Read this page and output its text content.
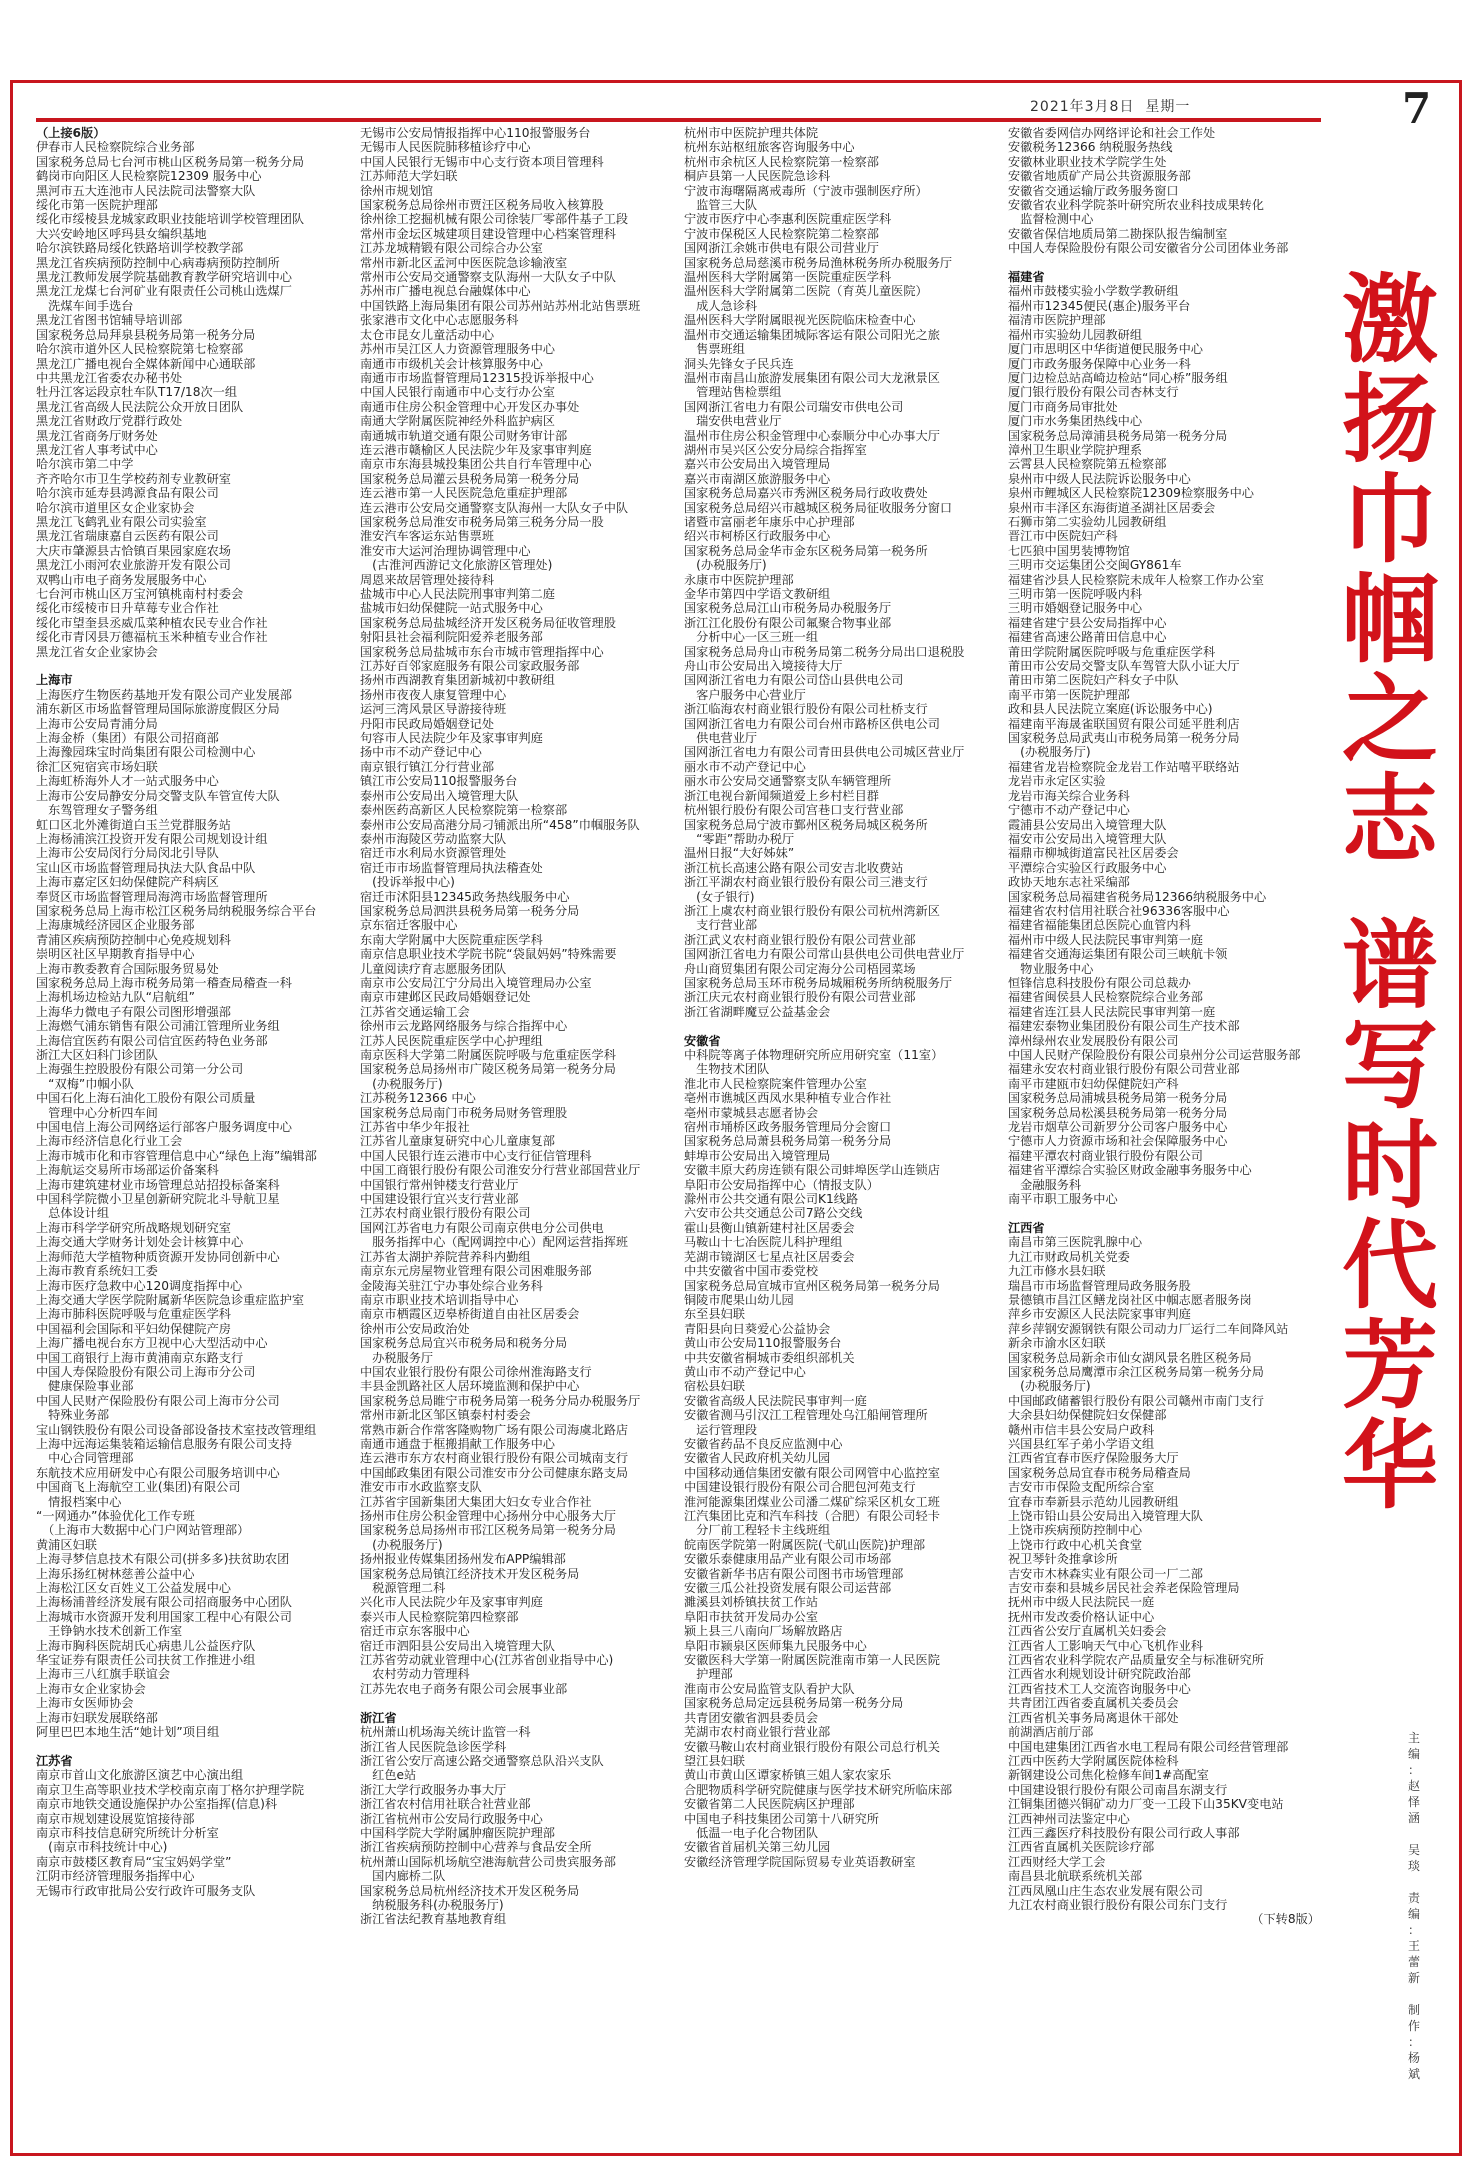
2021年3月8日 星期一	7
（上接6版）
伊春市人民检察院综合业务部
国家税务总局七台河市桃山区税务局第一税务分局
鹤岗市向阳区人民检察院12309 服务中心
黑河市五大连池市人民法院司法警察大队
绥化市第一医院护理部
绥化市绥棱县龙城家政职业技能培训学校管理团队
大兴安岭地区呼玛县女编织基地
哈尔滨铁路局绥化铁路培训学校教学部
黑龙江省疾病预防控制中心病毒病预防控制所
黑龙江教师发展学院基础教育教学研究培训中心
黑龙江龙煤七台河矿业有限责任公司桃山选煤厂
　洗煤车间手选台
黑龙江省图书馆辅导培训部
国家税务总局拜泉县税务局第一税务分局
哈尔滨市道外区人民检察院第七检察部
黑龙江广播电视台全媒体新闻中心通联部
中共黑龙江省委农办秘书处
牡丹江客运段京牡车队T17/18次一组
黑龙江省高级人民法院公众开放日团队
黑龙江省财政厅党群行政处
黑龙江省商务厅财务处
黑龙江省人事考试中心
哈尔滨市第二中学
齐齐哈尔市卫生学校药剂专业教研室
哈尔滨市延寿县鸿源食品有限公司
哈尔滨市道里区女企业家协会
黑龙江飞鹤乳业有限公司实验室
黑龙江省瑞康嘉自云医药有限公司
大庆市肇源县古恰镇百果园家庭农场
黑龙江小雨河农业旅游开发有限公司
双鸭山市电子商务发展服务中心
七台河市桃山区万宝河镇桃南村村委会
绥化市绥棱市日升草莓专业合作社
绥化市望奎县丞威瓜菜种植农民专业合作社
绥化市青冈县万德福杭玉米种植专业合作社
黑龙江省女企业家协会
上海市
上海医疗生物医药基地开发有限公司产业发展部
浦东新区市场监督管理局国际旅游度假区分局
上海市公安局青浦分局
上海金桥（集团）有限公司招商部
上海豫园珠宝时尚集团有限公司检测中心
徐汇区宛宿宾市场妇联
上海虹桥海外人才一站式服务中心
上海市公安局静安分局交警支队车管宣传大队
　东驾管理女子警务组
虹口区北外滩街道白玉兰党群服务站
上海杨浦滨江投资开发有限公司规划设计组
上海市公安局闵行分局闵北引导队
宝山区市场监督管理局执法大队食品中队
上海市嘉定区妇幼保健院产科病区
奉贤区市场监督管理局海湾市场监督管理所
国家税务总局上海市松江区税务局纳税服务综合平台
上海康城经济园区企业服务部
青浦区疾病预防控制中心免疫规划科
崇明区社区早期教育指导中心
上海市教委教育合国际服务贸易处
国家税务总局上海市税务局第一稽查局稽查一科
上海机场边检站九队“启航组”
上海华力微电子有限公司图形增强部
上海燃气浦东销售有限公司浦江管理所业务组
上海信宜医药有限公司信宜医药特色业务部
浙江大区妇科门诊团队
上海强生控股股份有限公司第一分公司
　“双梅”巾帼小队
中国石化上海石油化工股份有限公司质量
　管理中心分析四车间
中国电信上海公司网络运行部客户服务调度中心
上海市经济信息化行业工会
上海市城市化和市容管理信息中心“绿色上海”编辑部
上海航运交易所市场部运价备案科
上海市建筑建材业市场管理总站招投标备案科
中国科学院微小卫星创新研究院北斗导航卫星
　总体设计组
上海市科学学研究所战略规划研究室
上海交通大学财务计划处会计核算中心
上海师范大学植物种质资源开发协同创新中心
上海市教育系统妇工委
上海市医疗急救中心120调度指挥中心
上海交通大学医学院附属新华医院急诊重症监护室
上海市肺科医院呼吸与危重症医学科
中国福利会国际和平妇幼保健院产房
上海广播电视台东方卫视中心大型活动中心
中国工商银行上海市黄浦南京东路支行
中国人寿保险股份有限公司上海市分公司
　健康保险事业部
中国人民财产保险股份有限公司上海市分公司
　特殊业务部
宝山钢铁股份有限公司设备部设备技术室技改管理组
上海中远海运集装箱运输信息服务有限公司支持
　中心合同管理部
东航技术应用研发中心有限公司服务培训中心
中国商飞上海航空工业(集团)有限公司
　情报档案中心
“一网通办”体验优化工作专班
　（上海市大数据中心门户网站管理部）
黄浦区妇联
上海寻梦信息技术有限公司(拼多多)扶贫助农团
上海乐扬红树林慈善公益中心
上海松江区女百姓义工公益发展中心
上海杨浦普经济发展有限公司招商服务中心团队
上海城市水资源开发利用国家工程中心有限公司
　王铮钠水技术创新工作室
上海市胸科医院胡氏心病患儿公益医疗队
华宝证券有限责任公司扶贫工作推进小组
上海市三八红旗手联谊会
上海市女企业家协会
上海市女医师协会
上海市妇联发展联络部
阿里巴巴本地生活“她计划”项目组
江苏省
南京市首山文化旅游区演艺中心演出组
南京卫生高等职业技术学校南京南丁格尔护理学院
南京市地铁交通设施保护办公室指挥(信息)科
南京市规划建设展览馆接待部
南京市科技信息研究所统计分析室
　(南京市科技统计中心)
南京市鼓楼区教育局“宝宝妈妈学堂”
江阴市经济管理服务指挥中心
无锡市行政审批局公安行政许可服务支队
无锡市公安局情报指挥中心110报警服务台
无锡市人民医院肺移植诊疗中心
中国人民银行无锡市中心支行资本项目管理科
江苏师范大学妇联
徐州市规划馆
国家税务总局徐州市贾汪区税务局收入核算股
徐州徐工挖掘机械有限公司徐装厂零部件基子工段
常州市金坛区城建项目建设管理中心档案管理科
江苏龙城精锻有限公司综合办公室
常州市新北区孟河中医医院急诊输液室
常州市公安局交通警察支队海州一大队女子中队
苏州市广播电视总台融媒体中心
中国铁路上海局集团有限公司苏州站苏州北站售票班
张家港市文化中心志愿服务科
太仓市昆女儿童活动中心
苏州市吴江区人力资源管理服务中心
南通市市级机关会计核算服务中心
南通市市场监督管理局12315投诉举报中心
中国人民银行南通市中心支行办公室
南通市住房公积金管理中心开发区办事处
南通大学附属医院神经外科监护病区
南通城市轨道交通有限公司财务审计部
连云港市赣榆区人民法院少年及家事审判庭
南京市东海县城投集团公共自行车管理中心
国家税务总局灌云县税务局第一税务分局
连云港市第一人民医院急危重症护理部
连云港市公安局交通警察支队海州一大队女子中队
国家税务总局淮安市税务局第三税务分局一股
淮安汽车客运东站售票班
淮安市大运河治理协调管理中心
　(古淮河西游记文化旅游区管理处)
周恩来故居管理处接待科
盐城市中心人民法院刑事审判第二庭
盐城市妇幼保健院一站式服务中心
国家税务总局盐城经济开发区税务局征收管理股
射阳县社会福利院阳爱养老服务部
国家税务总局盐城市东台市城市管理指挥中心
江苏好百邻家庭服务有限公司家政服务部
扬州市西湖教育集团新城初中教研组
扬州市夜夜人康复管理中心
运河三湾风景区导游接待班
丹阳市民政局婚姻登记处
句容市人民法院少年及家事审判庭
扬中市不动产登记中心
南京银行镇江分行营业部
镇江市公安局110报警服务台
泰州市公安局出入境管理大队
泰州医药高新区人民检察院第一检察部
泰州市公安局高港分局刁铺派出所“458”巾帼服务队
泰州市海陵区劳动监察大队
宿迁市水利局水资源管理处
宿迁市市场监督管理局执法稽查处
　(投诉举报中心)
宿迁市沭阳县12345政务热线服务中心
国家税务总局泗洪县税务局第一税务分局
京东宿迁客服中心
东南大学附属中大医院重症医学科
南京信息职业技术学院书院“袋鼠妈妈”特殊需要
儿童阅读疗育志愿服务团队
南京市公安局江宁分局出入境管理局办公室
南京市建邺区民政局婚姻登记处
江苏省交通运输工会
徐州市云龙路网络服务与综合指挥中心
江苏人民医院重症医学中心护理组
南京医科大学第二附属医院呼吸与危重症医学科
国家税务总局扬州市广陵区税务局第一税务分局
　(办税服务厅)
江苏税务12366 中心
国家税务总局南门市税务局财务管理股
江苏省中华少年报社
江苏省儿童康复研究中心儿童康复部
中国人民银行连云港市中心支行征信管理科
中国工商银行股份有限公司淮安分行营业部国营业厅
中国银行常州钟楼支行营业厅
中国建设银行宜兴支行营业部
江苏农村商业银行股份有限公司
国网江苏省电力有限公司南京供电分公司供电
　服务指挥中心（配网调控中心）配网运营指挥班
江苏省太湖护养院营养科内勤组
南京东元房屋物业管理有限公司困难服务部
金陵海关驻江宁办事处综合业务科
南京市职业技术培训指导中心
南京市栖霞区迈皋桥街道自由社区居委会
徐州市公安局政治处
国家税务总局宜兴市税务局和税务分局
　办税服务厅
中国农业银行股份有限公司徐州淮海路支行
丰县金凯路社区人居环境监测和保护中心
国家税务总局睢宁市税务局第一税务分局办税服务厅
常州市新北区邹区镇泰村村委会
常熟市新合作常客隆购物广场有限公司海虞北路店
南通市通盘于框搬捐献工作服务中心
连云港市东方农村商业银行股份有限公司城南支行
中国邮政集团有限公司淮安市分公司健康东路支局
淮安市市水政监察支队
江苏省宇国新集团大集团大妇女专业合作社
扬州市住房公积金管理中心扬州分中心服务大厅
国家税务总局扬州市邗江区税务局第一税务分局
　(办税服务厅)
扬州报业传媒集团扬州发布APP编辑部
国家税务总局镇江经济技术开发区税务局
　税源管理二科
兴化市人民法院少年及家事审判庭
泰兴市人民检察院第四检察部
宿迁市京东客服中心
宿迁市泗阳县公安局出入境管理大队
江苏省劳动就业管理中心(江苏省创业指导中心)
　农村劳动力管理科
江苏先农电子商务有限公司会展事业部
浙江省
杭州萧山机场海关统计监管一科
浙江省人民医院急诊医学科
浙江省公安厅高速公路交通警察总队沿兴支队
　红色e站
浙江大学行政服务办事大厅
浙江省农村信用社联合社营业部
浙江省杭州市公安局行政服务中心
中国科学院大学附属肿瘤医院护理部
浙江省疾病预防控制中心营养与食品安全所
杭州萧山国际机场航空港海航营公司贵宾服务部
　国内廊桥二队
国家税务总局杭州经济技术开发区税务局
　纳税服务科(办税服务厅)
浙江省法纪教育基地教育组
杭州市中医院护理共体院
杭州东站枢纽旅客咨询服务中心
杭州市余杭区人民检察院第一检察部
桐庐县第一人民医院急诊科
宁波市海曙隔离戒毒所（宁波市强制医疗所）
　监管三大队
宁波市医疗中心李惠利医院重症医学科
宁波市保税区人民检察院第二检察部
国网浙江余姚市供电有限公司营业厅
国家税务总局慈溪市税务局渔林税务所办税服务厅
温州医科大学附属第一医院重症医学科
温州医科大学附属第二医院（育英儿童医院）
　成人急诊科
温州医科大学附属眼视光医院临床检查中心
温州市交通运输集团城际客运有限公司阳光之旅
　售票班组
洞头先锋女子民兵连
温州市南昌山旅游发展集团有限公司大龙湫景区
　管理站售检票组
国网浙江省电力有限公司瑞安市供电公司
　瑞安供电营业厅
温州市住房公积金管理中心泰顺分中心办事大厅
湖州市吴兴区公安分局综合指挥室
嘉兴市公安局出入境管理局
嘉兴市南湖区旅游服务中心
国家税务总局嘉兴市秀洲区税务局行政收费处
国家税务总局绍兴市越城区税务局征收服务分窗口
诸暨市富丽老年康乐中心护理部
绍兴市柯桥区行政服务中心
国家税务总局金华市金东区税务局第一税务所
　(办税服务厅)
永康市中医院护理部
金华市第四中学语文教研组
国家税务总局江山市税务局办税服务厅
浙江江化股份有限公司氟聚合物事业部
　分析中心一区三班一组
国家税务总局舟山市税务局第二税务分局出口退税股
舟山市公安局出入境接待大厅
国网浙江省电力有限公司岱山县供电公司
　客户服务中心营业厅
浙江临海农村商业银行股份有限公司杜桥支行
国网浙江省电力有限公司台州市路桥区供电公司
　供电营业厅
国网浙江省电力有限公司青田县供电公司城区营业厅
丽水市不动产登记中心
丽水市公安局交通警察支队车辆管理所
浙江电视台新闻频道爱上乡村栏目群
杭州银行股份有限公司宫巷口支行营业部
国家税务总局宁波市鄞州区税务局城区税务所
　“零距”帮助办税厅
温州日报“大好姊妹”
浙江杭长高速公路有限公司安吉北收费站
浙江平湖农村商业银行股份有限公司三港支行
　(女子银行)
浙江上虞农村商业银行股份有限公司杭州湾新区
　支行营业部
浙江武义农村商业银行股份有限公司营业部
国网浙江省电力有限公司常山县供电公司供电营业厅
舟山商贸集团有限公司定海分公司梧园菜场
国家税务总局玉环市税务局城厢税务所纳税服务厅
浙江庆元农村商业银行股份有限公司营业部
浙江省湖畔魔豆公益基金会
安徽省
中科院等离子体物理研究所应用研究室（11室）
　生物技术团队
淮北市人民检察院案件管理办公室
亳州市谯城区西凤水果种植专业合作社
亳州市蒙城县志愿者协会
宿州市埇桥区政务服务管理局分会窗口
国家税务总局萧县税务局第一税务分局
蚌埠市公安局出入境管理局
安徽丰原大药房连锁有限公司蚌埠医学山连锁店
阜阳市公安局指挥中心（情报支队）
滁州市公共交通有限公司K1线路
六安市公共交通总公司7路公交线
霍山县衡山镇新建村社区居委会
马鞍山十七冶医院儿科护理组
芜湖市镜湖区七星点社区居委会
中共安徽省中国市委党校
国家税务总局宣城市宣州区税务局第一税务分局
铜陵市爬果山幼儿园
东至县妇联
青阳县向日葵爱心公益协会
黄山市公安局110报警服务台
中共安徽省桐城市委组织部机关
黄山市不动产登记中心
宿松县妇联
安徽省高级人民法院民事审判一庭
安徽省测马引汉江工程管理处乌江船闸管理所
　运行管理段
安徽省药品不良反应监测中心
安徽省人民政府机关幼儿园
中国移动通信集团安徽有限公司网管中心监控室
中国建设银行股份有限公司合肥包河苑支行
淮河能源集团煤业公司潘二煤矿综采区机女工班
江汽集团比克和汽车科技（合肥）有限公司轻卡
　分厂前工程轻卡主线班组
皖南医学院第一附属医院(弋矶山医院)护理部
安徽乐泰健康用品产业有限公司市场部
安徽省新华书店有限公司图书市场管理部
安徽三瓜公社投资发展有限公司运营部
濉溪县刘桥镇扶贫工作站
阜阳市扶贫开发局办公室
颍上县三八南向厂场解放路店
阜阳市颍泉区医师集九民服务中心
安徽医科大学第一附属医院淮南市第一人民医院
　护理部
淮南市公安局监管支队看护大队
国家税务总局定远县税务局第一税务分局
共青团安徽省泗县委员会
芜湖市农村商业银行营业部
安徽马鞍山农村商业银行股份有限公司总行机关
望江县妇联
黄山市黄山区谭家桥镇三姐人家农家乐
合肥物质科学研究院健康与医学技术研究所临床部
安徽省第二人民医院病区护理部
中国电子科技集团公司第十八研究所
　低温一电子化合物团队
安徽省首届机关第三幼儿园
安徽经济管理学院国际贸易专业英语教研室
安徽省委网信办网络评论和社会工作处
安徽税务12366 纳税服务热线
安徽林业职业技术学院学生处
安徽省地质矿产局公共资源服务部
安徽省交通运输厅政务服务窗口
安徽省农业科学院茶叶研究所农业科技成果转化
　监督检测中心
安徽省保信地质局第二勘探队报告编制室
中国人寿保险股份有限公司安徽省分公司团体业务部
福建省
福州市鼓楼实验小学数学教研组
福州市12345便民(惠企)服务平台
福清市医院护理部
福州市实验幼儿园教研组
厦门市思明区中华街道便民服务中心
厦门市政务服务保障中心业务一科
厦门边检总站高崎边检站“同心桥”服务组
厦门银行股份有限公司杏林支行
厦门市商务局审批处
厦门市水务集团热线中心
国家税务总局漳浦县税务局第一税务分局
漳州卫生职业学院护理系
云霄县人民检察院第五检察部
泉州市中级人民法院诉讼服务中心
泉州市鲤城区人民检察院12309检察服务中心
泉州市丰泽区东海街道圣湖社区居委会
石狮市第二实验幼儿园教研组
晋江市中医院妇产科
七匹狼中国男装博物馆
三明市交运集团公交闽GY861车
福建省沙县人民检察院未成年人检察工作办公室
三明市第一医院呼吸内科
三明市婚姻登记服务中心
福建省建宁县公安局指挥中心
福建省高速公路莆田信息中心
莆田学院附属医院呼吸与危重症医学科
莆田市公安局交警支队车驾管大队小证大厅
莆田市第二医院妇产科女子中队
南平市第一医院护理部
政和县人民法院立案庭(诉讼服务中心)
福建南平海晟雀联国贸有限公司延平胜利店
国家税务总局武夷山市税务局第一税务分局
　(办税服务厅)
福建省龙岩检察院金龙岩工作站嘻平联络站
龙岩市永定区实验
龙岩市海关综合业务科
宁德市不动产登记中心
霞浦县公安局出入境管理大队
福安市公安局出入境管理大队
福鼎市柳城街道富民社区居委会
平潭综合实验区行政服务中心
政协天地东志社采编部
国家税务总局福建省税务局12366纳税服务中心
福建省农村信用社联合社96336客服中心
福建省福能集团总医院心血管内科
福州市中级人民法院民事审判第一庭
福建省交通海运集团有限公司三峡航卡领
　物业服务中心
恒锋信息科技股份有限公司总裁办
福建省闽侯县人民检察院综合业务部
福建省连江县人民法院民事审判第一庭
福建宏泰物业集团股份有限公司生产技术部
漳州绿州农业发展股份有限公司
中国人民财产保险股份有限公司泉州分公司运营服务部
福建永安农村商业银行股份有限公司营业部
南平市建瓯市妇幼保健院妇产科
国家税务总局浦城县税务局第一税务分局
国家税务总局松溪县税务局第一税务分局
龙岩市烟草公司新罗分公司客户服务中心
宁德市人力资源市场和社会保障服务中心
福建平潭农村商业银行股份有限公司
福建省平潭综合实验区财政金融事务服务中心
　金融服务科
南平市职工服务中心
江西省
南昌市第三医院乳腺中心
九江市财政局机关党委
九江市修水县妇联
瑞昌市市场监督管理局政务服务股
景德镇市昌江区鳝龙岗社区中帼志愿者服务岗
萍乡市安源区人民法院家事审判庭
萍乡萍钢安源钢铁有限公司动力厂运行二车间降风站
新余市渝水区妇联
国家税务总局新余市仙女湖风景名胜区税务局
国家税务总局鹰潭市余江区税务局第一税务分局
　(办税服务厅)
中国邮政储蓄银行股份有限公司赣州市南门支行
大余县妇幼保健院妇女保健部
赣州市信丰县公安局户政科
兴国县红军子弟小学语文组
江西省宜春市医疗保险服务大厅
国家税务总局宜春市税务局稽查局
吉安市市保险支配所综合室
宜春市奉新县示范幼儿园教研组
上饶市铅山县公安局出入境管理大队
上饶市疾病预防控制中心
上饶市行政中心机关食堂
祝卫琴针灸推拿诊所
吉安市木林森实业有限公司一厂二部
吉安市泰和县城乡居民社会养老保险管理局
抚州市中级人民法院民一庭
抚州市发改委价格认证中心
江西省公安厅直属机关妇委会
江西省人工影响天气中心飞机作业科
江西省农业科学院农产品质量安全与标准研究所
江西省水利规划设计研究院政治部
江西省技术工人交流咨询服务中心
共青团江西省委直属机关委员会
江西省机关事务局离退休干部处
前湖酒店前厅部
中国电建集团江西省水电工程局有限公司经营管理部
江西中医药大学附属医院体检科
新钢建设公司焦化检修车间1#高配室
中国建设银行股份有限公司南昌东湖支行
江铜集团德兴铜矿动力厂变一工段下山35KV变电站
江西神州司法鉴定中心
江西三鑫医疗科技股份有限公司行政人事部
江西省直属机关医院诊疗部
江西财经大学工会
南昌县北航联系统机关部
江西凤凰山庄生态农业发展有限公司
九江农村商业银行股份有限公司东门支行
（下转8版）
激
扬
巾
帼
之
志
谱
写
时
代
芳
华
主
编
：
赵
怿
涵

吴
琰

责
编
：
王
蕾
新

制
作
：
杨
斌
